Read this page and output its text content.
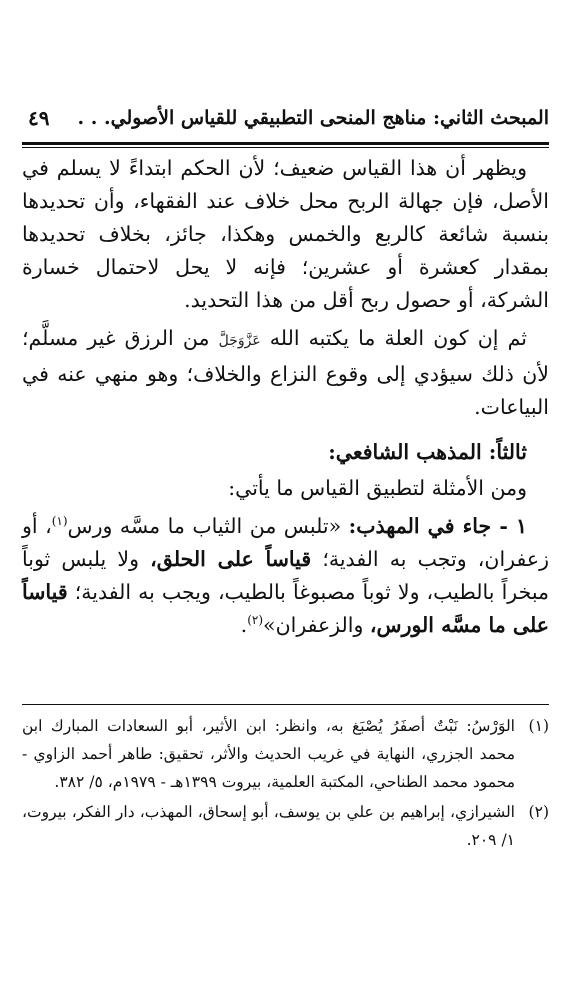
المبحث الثاني: مناهج المنحى التطبيقي للقياس الأصولي. . .
٤٩

ويظهر أن هذا القياس ضعيف؛ لأن الحكم ابتداءً لا يسلم في الأصل، فإن جهالة الربح محل خلاف عند الفقهاء، وأن تحديدها بنسبة شائعة كالربع والخمس وهكذا، جائز، بخلاف تحديدها بمقدار كعشرة أو عشرين؛ فإنه لا يحل لاحتمال خسارة الشركة، أو حصول ربح أقل من هذا التحديد.

ثم إن كون العلة ما يكتبه الله عَزَّوَجَلَّ من الرزق غير مسلَّم؛ لأن ذلك سيؤدي إلى وقوع النزاع والخلاف؛ وهو منهي عنه في البياعات.

ثالثاً: المذهب الشافعي:

ومن الأمثلة لتطبيق القياس ما يأتي:

١ - جاء في المهذب: «تلبس من الثياب ما مسَّه ورس$^{(١)}$، أو زعفران، وتجب به الفدية؛ قياساً على الحلق، ولا يلبس ثوباً مبخراً بالطيب، ولا ثوباً مصبوغاً بالطيب، ويجب به الفدية؛ قياساً على ما مسَّه الورس، والزعفران»$^{(٢)}$.

(١)
الوَرْسُ: نَبْتٌ أصفَرُ يُصْبَغ به، وانظر: ابن الأثير، أبو السعادات المبارك ابن محمد الجزري، النهاية في غريب الحديث والأثر، تحقيق: طاهر أحمد الزاوي - محمود محمد الطناحي، المكتبة العلمية، بيروت ١٣٩٩هـ - ١٩٧٩م، ٥/ ٣٨٢.
(٢)
الشيرازي، إبراهيم بن علي بن يوسف، أبو إسحاق، المهذب، دار الفكر، بيروت، ١/ ٢٠٩.
